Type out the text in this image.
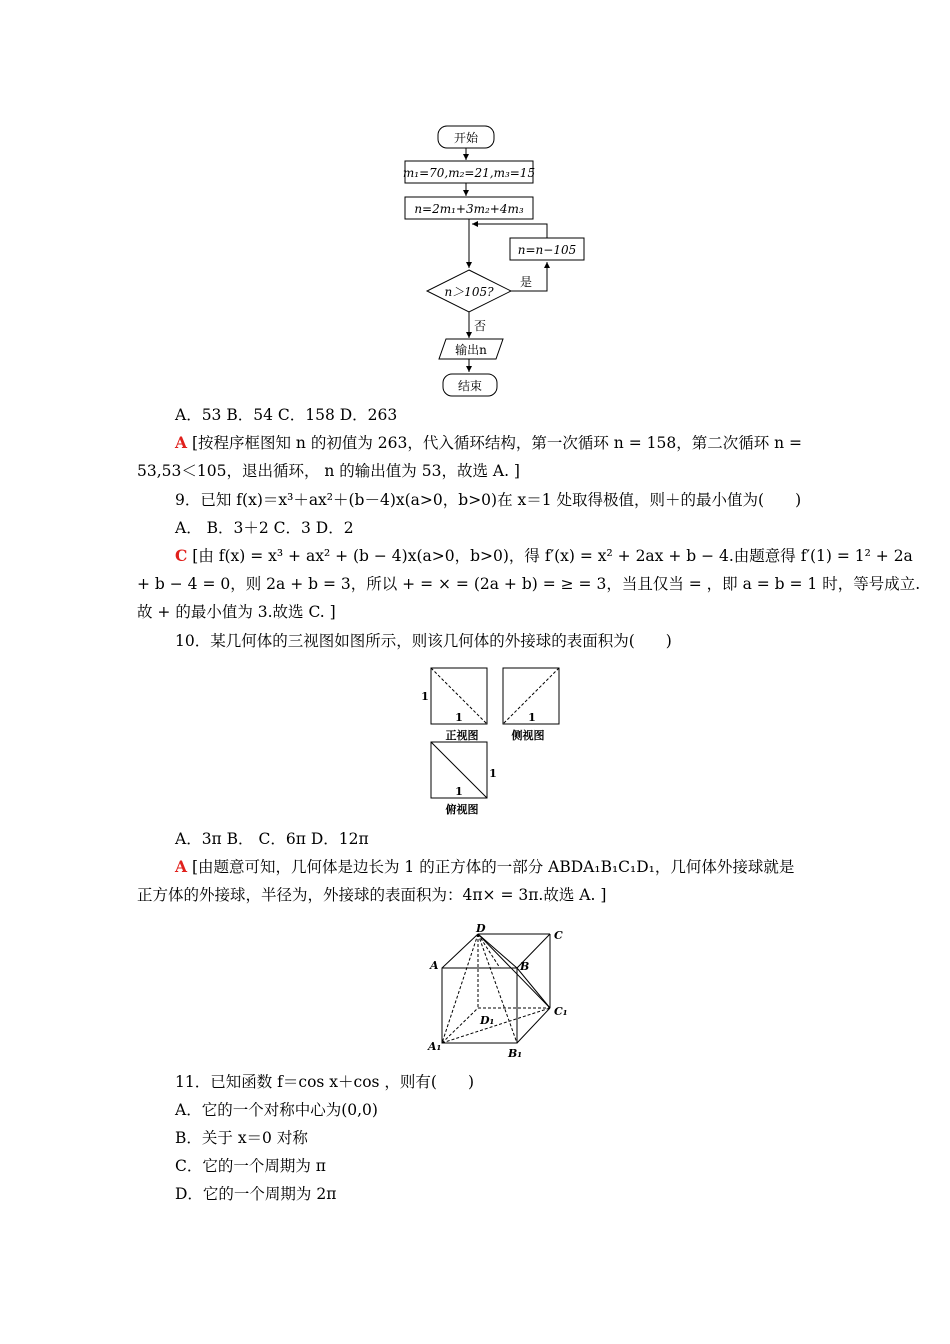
开始
m₁=70,m₂=21,m₃=15
n=2m₁+3m₂+4m₃
n=n−105
n＞105?
是
否
输出n
结束
A．53 B．54 C．158 D．263
A [按程序框图知 n 的初值为 263，代入循环结构，第一次循环 n = 158，第二次循环 n =
53,53＜105，退出循环， n 的输出值为 53，故选 A. ]
9．已知 f(x)＝x³＋ax²＋(b－4)x(a>0，b>0)在 x＝1 处取得极值，则＋的最小值为(　　)
A． B．3＋2 C．3 D．2
C [由 f(x) = x³ + ax² + (b − 4)x(a>0，b>0)，得 f′(x) = x² + 2ax + b − 4.由题意得 f′(1) = 1² + 2a
+ b − 4 = 0，则 2a + b = 3，所以 + = × = (2a + b) = ≥ = 3，当且仅当 = ，即 a = b = 1 时，等号成立.
故 + 的最小值为 3.故选 C. ]
10．某几何体的三视图如图所示，则该几何体的外接球的表面积为(　　)
1
1
正视图
1
侧视图
1
1
俯视图
A．3π B． C．6π D．12π
A [由题意可知，几何体是边长为 1 的正方体的一部分 ABDA₁B₁C₁D₁，几何体外接球就是
正方体的外接球，半径为，外接球的表面积为：4π× = 3π.故选 A. ]
D
C
A	B
D₁
C₁
A₁
B₁
11．已知函数 f＝cos x＋cos ，则有(　　)
A．它的一个对称中心为(0,0)
B．关于 x＝0 对称
C．它的一个周期为 π
D．它的一个周期为 2π
